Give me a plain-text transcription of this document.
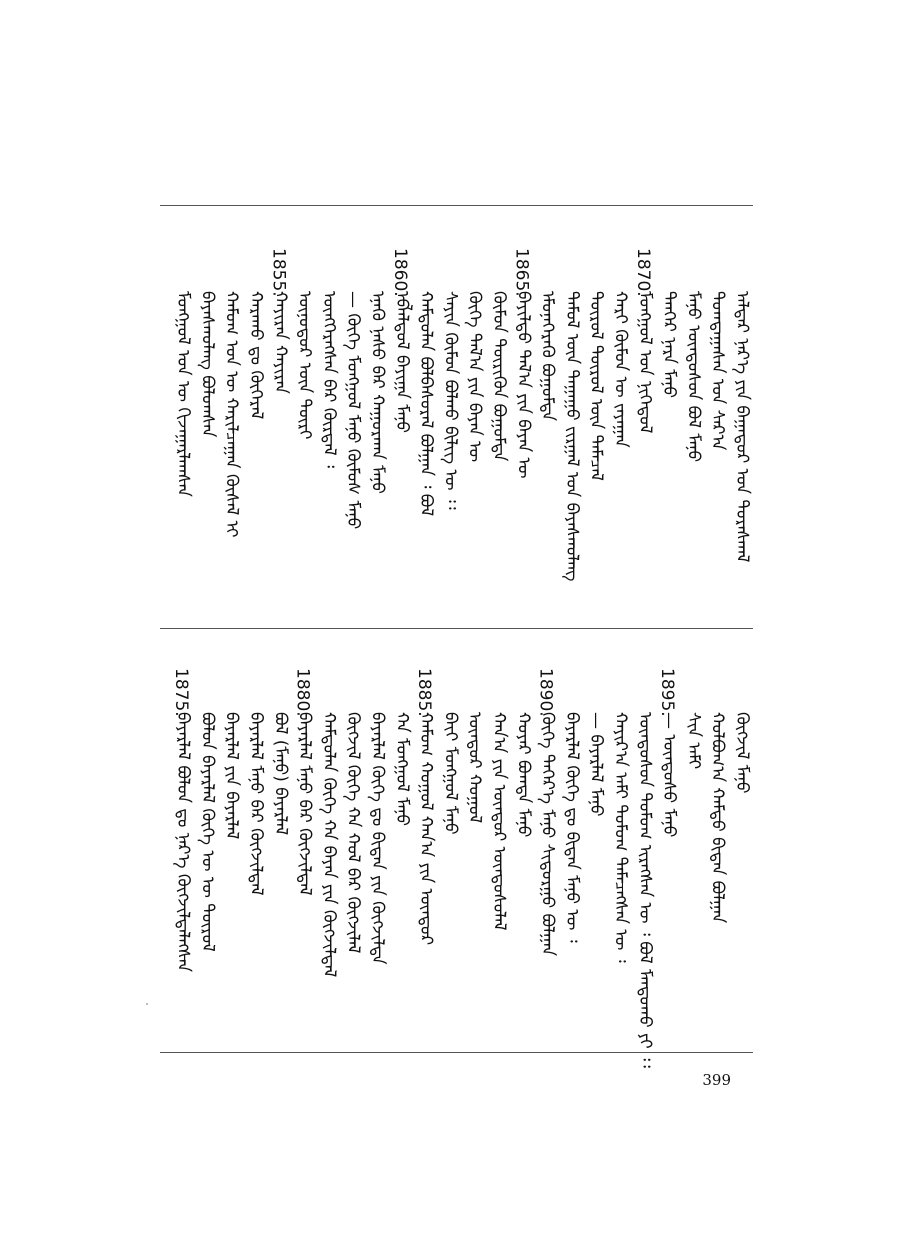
ᠠᠯᠳᠠᠷ ᠨᠡᠷ᠎ᠡ ᠶᠢᠨ ᠪᠠᠭᠠᠲᠤᠷ ᠤᠨ ᠳᠤᠷᠠᠰᠬᠠᠯ
ᠲᠣᠭᠲᠠᠭᠠᠰᠠᠨ ᠣᠨ ᠰᠠᠷ᠎ᠠ
ᠮᠠᠨᠤ ᠦᠨᠳᠦᠰᠦᠨ ᠪᠣᠯ ᠮᠠᠨᠤ
ᠲᠡᠨᠭᠡᠷ ᠨᠠᠷᠠ ᠮᠠᠨᠤ
1870.
ᠮᠣᠩᠭᠣᠯ ᠤᠨ ᠨᠢᠭᠡᠳᠦᠯ
ᠬᠠᠷᠢ ᠬᠥᠮᠦᠨ ᠦ ᠵᠠᠶᠠᠭᠠᠨ
ᠲᠥᠷᠦᠯ ᠲᠥᠷᠦᠯ ᠦᠨ ᠲᠡᠮᠡᠴᠡᠯ
ᠲᠡᠮᠦᠯ ᠦᠨ ᠳᠠᠭᠠᠭᠤ ᠵᠢᠷᠭᠠᠯ ᠤᠨ ᠪᠠᠶᠠᠰᠬᠤᠯᠠᠩ
ᠡᠮᠦᠨᠡᠬᠡᠷᠡᠬᠦ ᠪᠣᠭᠣᠮᠲᠠ
1865.
ᠪᠠᠶᠢᠯᠳᠤ ᠲᠠᠯ᠎ᠠ ᠶᠢᠨ ᠪᠠᠶᠠᠨ ᠦ
ᠬᠦᠮᠦᠨ ᠲᠦᠷᠢᠭᠦᠨ ᠪᠣᠭᠣᠮᠲᠠ
ᠬᠥᠬᠡ ᠲᠠᠯ᠎ᠠ ᠶᠢᠨ ᠪᠠᠶᠠᠨ ᠦ
ᠰᠠᠶᠢᠨ ᠬᠦᠮᠦᠨ ᠪᠣᠯᠬᠤ ᠪᠢᠯᠢᠭ ᠦ ᠄᠄
ᠬᠠᠮᠲᠤᠯᠠᠨ ᠪᠣᠯᠪᠠᠰᠤᠷᠠᠯ ᠪᠣᠯᠭᠠᠨ ᠄ ᠪᠣᠯ
1860.
ᠡᠪᠯᠡᠯᠳᠦᠯ ᠪᠠᠶᠢᠭᠠ ᠮᠠᠨᠤ
ᠡᠨᠡᠬᠦ ᠨᠠᠰᠤ ᠪᠡᠷ ᠬᠠᠭᠤᠷᠬᠠᠨ ᠮᠠᠨᠤ
— ᠬᠥᠬᠡ ᠮᠣᠩᠭᠣᠯ ᠮᠠᠨᠤ ᠬᠦᠮᠦᠰ ᠮᠠᠨᠤ
ᠥᠩᠭᠡᠷᠡᠭᠰᠡᠨ ᠪᠡᠷ ᠬᠦᠷᠲᠡᠯ ᠄
ᠥᠨᠥᠳᠦᠷ ᠦᠨ ᠳᠦᠷᠢ
1855.
ᠬᠠᠶᠢᠷᠠᠨ ᠬᠠᠶᠢᠷᠠᠨ
ᠬᠠᠷᠠᠬᠤ ᠳᠤ ᠬᠥᠬᠡᠷᠡᠯ
ᠬᠠᠮᠤᠭ ᠤᠨ ᠦ ᠬᠠᠷᠢᠯᠴᠠᠭᠠᠨ ᠬᠥᠰᠡᠯ ᠢ
ᠪᠠᠶᠠᠰᠬᠤᠯᠠᠩ ᠪᠤᠯᠤᠭᠰᠠᠨ
ᠮᠣᠩᠭᠣᠯ ᠤᠨ ᠦ ᠬᠢᠵᠠᠭᠠᠷᠯᠠᠭᠰᠠᠨ
ᠬᠥᠭᠵᠢᠯ ᠮᠠᠨᠤ
ᠬᠣᠯᠪᠣᠭ᠎ᠠ ᠬᠠᠮᠲᠤ ᠪᠢᠳᠡᠨ ᠪᠣᠯᠭᠠᠨ
ᠰᠢᠨ ᠠᠮᠢ
1895.
— ᠦᠨᠳᠦᠰᠦ ᠮᠠᠨᠤ
ᠦᠨᠳᠦᠰᠦᠨ ᠳᠣᠮᠣᠭ ᠢᠷᠡᠭᠰᠡᠨ ᠦ ᠄ ᠪᠣᠯ ᠮᠠᠨᠳᠤᠬᠤ ᠶᠢ ᠄᠄
ᠬᠠᠶᠢᠷ᠎ᠠ ᠠᠮᠢ ᠳᠣᠮᠣᠭ ᠲᠡᠮᠡᠴᠡᠭᠰᠡᠨ ᠦ ᠄
— ᠪᠠᠶᠠᠷᠯᠠᠯ ᠮᠠᠨᠤ
ᠪᠠᠶᠠᠷᠯᠠᠯ ᠬᠥᠬᠡ ᠳᠤ ᠪᠢᠳᠡᠨ ᠮᠠᠨᠤ ᠦ ᠄
1890.
ᠬᠥᠬᠡ ᠳᠡᠭᠡᠷ᠎ᠡ ᠮᠠᠨᠤ ᠰᠢᠳᠤᠷᠭᠤ ᠪᠣᠯᠭᠠᠨ
ᠬᠣᠶᠠᠷ ᠪᠣᠭᠳᠠ ᠮᠠᠨᠤ
ᠬᠠᠨ᠎ᠠ ᠶᠢᠨ ᠦᠨᠳᠦᠷ ᠦᠨᠳᠦᠰᠦᠯᠡᠯ
ᠦᠨᠳᠦᠷ ᠬᠣᠭᠤᠯ
ᠪᠠᠶ᠋ᠢ ᠮᠣᠩᠭᠣᠯ ᠮᠠᠨᠤ
1885.
ᠬᠠᠮᠤᠭ ᠬᠣᠭᠤᠯ ᠬᠠᠨ᠎ᠠ ᠶᠢᠨ ᠦᠨᠳᠦᠷ
ᠬᠠ ᠮᠣᠩᠭᠣᠯ ᠮᠠᠨᠤ
ᠪᠠᠶᠠᠷᠯᠠᠯ ᠬᠥᠬᠡ ᠳᠤ ᠪᠢᠳᠡᠨ ᠶᠢᠨ ᠬᠥᠭᠵᠢᠯᠲᠡ
ᠬᠥᠭᠵᠢᠯ ᠬᠥᠬᠡ ᠬᠠ ᠬᠣᠯ ᠪᠡᠷ ᠬᠥᠭᠵᠢᠯᠡᠯ
ᠬᠠᠮᠲᠤᠯᠠᠨ ᠬᠥᠬᠡ ᠬᠠ ᠪᠠᠶᠠᠨ ᠶᠢᠨ ᠬᠥᠭᠵᠢᠯᠲᠡᠯ
1880.
ᠪᠠᠶᠠᠷᠯᠠᠯ ᠮᠠᠨᠤ ᠪᠡᠷ ᠬᠥᠭᠵᠢᠯᠲᠡᠯ
ᠪᠣᠯ (ᠮᠠᠨᠤ) ᠪᠠᠶᠠᠷᠯᠠᠯ
ᠪᠠᠶᠠᠷᠯᠠᠯ ᠮᠠᠨᠤ ᠪᠡᠷ ᠬᠥᠭᠵᠢᠯᠲᠡᠯ
ᠪᠠᠶᠠᠷᠯᠠᠯ ᠶᠢᠨ ᠪᠠᠶᠠᠷᠯᠠᠯ
ᠪᠣᠯᠤᠨ ᠪᠠᠶᠠᠷᠯᠠᠯ ᠬᠥᠬᠡ ᠦ ᠦ ᠲᠥᠷᠦᠯ
1875.
ᠪᠠᠶᠠᠷᠯᠠᠯ ᠪᠣᠯᠤᠨ ᠳᠤ ᠨᠡᠷ᠎ᠡ ᠬᠥᠭᠵᠢᠯᠲᠡᠯᠡᠭᠰᠡᠨ
399
